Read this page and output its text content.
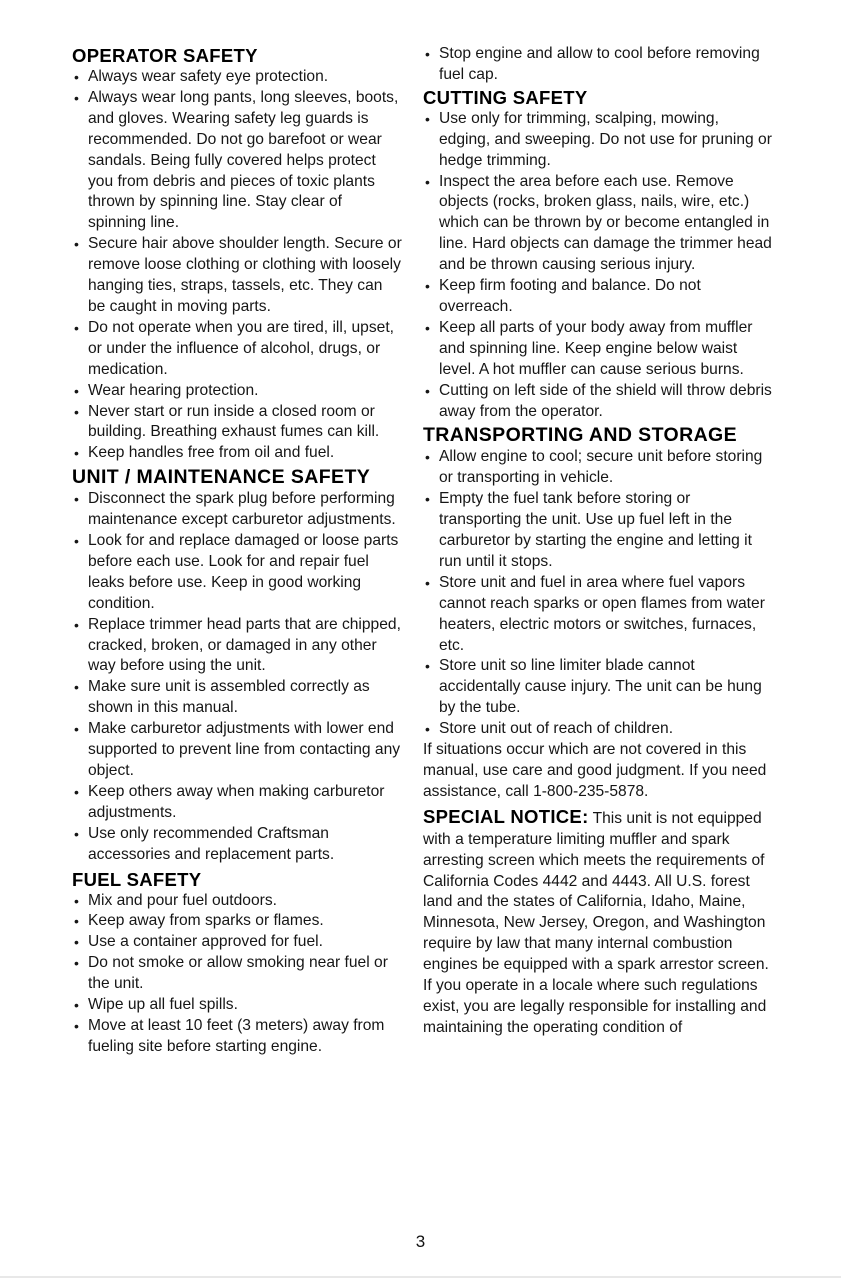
OPERATOR SAFETY
• Always wear safety eye protection.
• Always wear long pants, long sleeves, boots, and gloves. Wearing safety leg guards is recommended. Do not go barefoot or wear sandals. Being fully covered helps protect you from debris and pieces of toxic plants thrown by spinning line. Stay clear of spinning line.
• Secure hair above shoulder length. Secure or remove loose clothing or clothing with loosely hanging ties, straps, tassels, etc. They can be caught in moving parts.
• Do not operate when you are tired, ill, upset, or under the influence of alcohol, drugs, or medication.
• Wear hearing protection.
• Never start or run inside a closed room or building. Breathing exhaust fumes can kill.
• Keep handles free from oil and fuel.
UNIT / MAINTENANCE SAFETY
• Disconnect the spark plug before performing maintenance except carburetor adjustments.
• Look for and replace damaged or loose parts before each use. Look for and repair fuel leaks before use. Keep in good working condition.
• Replace trimmer head parts that are chipped, cracked, broken, or damaged in any other way before using the unit.
• Make sure unit is assembled correctly as shown in this manual.
• Make carburetor adjustments with lower end supported to prevent line from contacting any object.
• Keep others away when making carburetor adjustments.
• Use only recommended Craftsman accessories and replacement parts.
FUEL SAFETY
• Mix and pour fuel outdoors.
• Keep away from sparks or flames.
• Use a container approved for fuel.
• Do not smoke or allow smoking near fuel or the unit.
• Wipe up all fuel spills.
• Move at least 10 feet (3 meters) away from fueling site before starting engine.
• Stop engine and allow to cool before removing fuel cap.
CUTTING SAFETY
• Use only for trimming, scalping, mowing, edging, and sweeping. Do not use for pruning or hedge trimming.
• Inspect the area before each use. Remove objects (rocks, broken glass, nails, wire, etc.) which can be thrown by or become entangled in line. Hard objects can damage the trimmer head and be thrown causing serious injury.
• Keep firm footing and balance. Do not overreach.
• Keep all parts of your body away from muffler and spinning line. Keep engine below waist level. A hot muffler can cause serious burns.
• Cutting on left side of the shield will throw debris away from the operator.
TRANSPORTING AND STORAGE
• Allow engine to cool; secure unit before storing or transporting in vehicle.
• Empty the fuel tank before storing or transporting the unit. Use up fuel left in the carburetor by starting the engine and letting it run until it stops.
• Store unit and fuel in area where fuel vapors cannot reach sparks or open flames from water heaters, electric motors or switches, furnaces, etc.
• Store unit so line limiter blade cannot accidentally cause injury. The unit can be hung by the tube.
• Store unit out of reach of children.

If situations occur which are not covered in this manual, use care and good judgment. If you need assistance, call 1-800-235-5878.

SPECIAL NOTICE: This unit is not equipped with a temperature limiting muffler and spark arresting screen which meets the requirements of California Codes 4442 and 4443. All U.S. forest land and the states of California, Idaho, Maine, Minnesota, New Jersey, Oregon, and Washington require by law that many internal combustion engines be equipped with a spark arrestor screen. If you operate in a locale where such regulations exist, you are legally responsible for installing and maintaining the operating condition of

3
